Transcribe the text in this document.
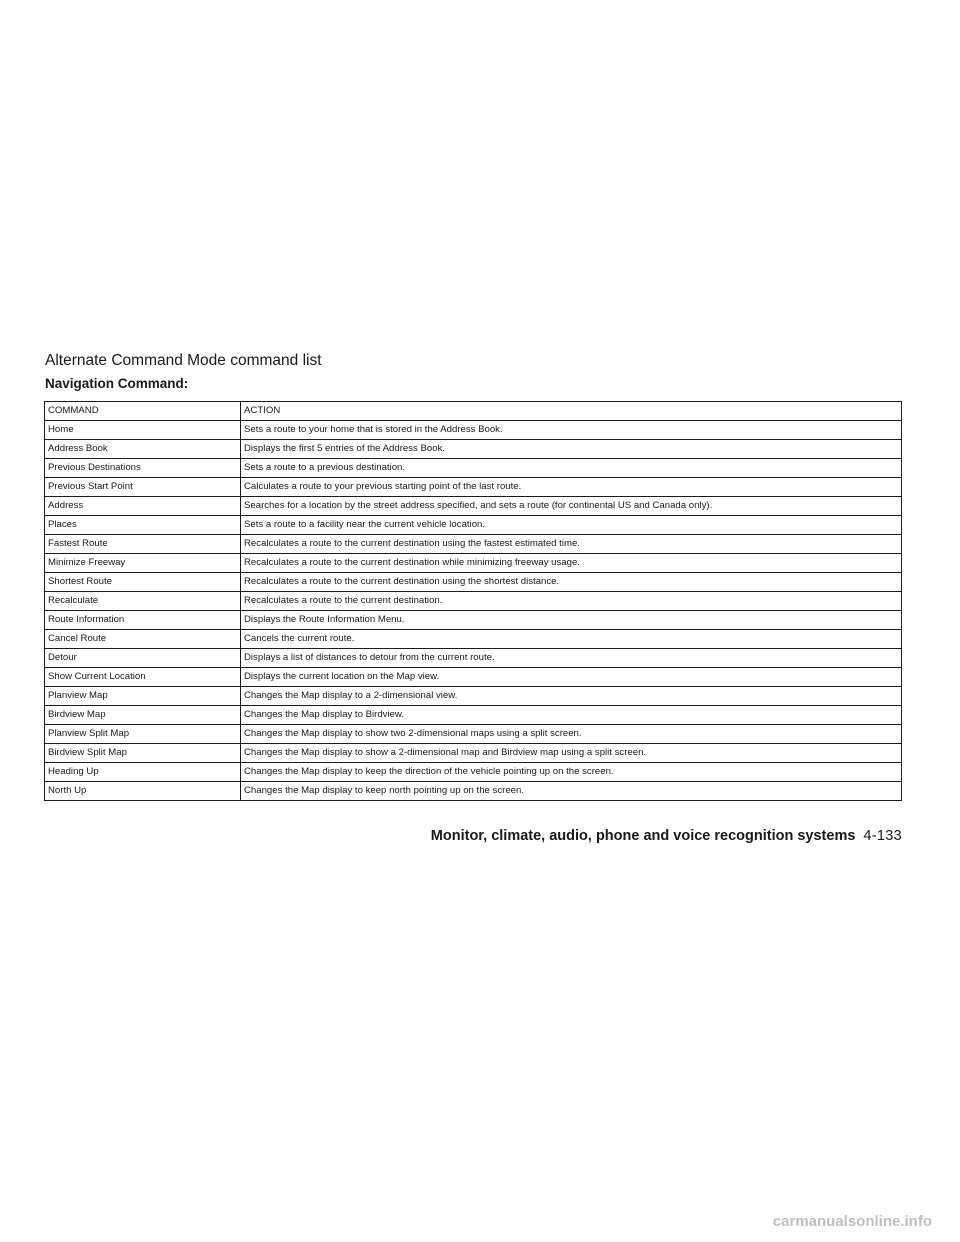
Alternate Command Mode command list
Navigation Command:
COMMAND	ACTION
Home	Sets a route to your home that is stored in the Address Book.
Address Book	Displays the first 5 entries of the Address Book.
Previous Destinations	Sets a route to a previous destination.
Previous Start Point	Calculates a route to your previous starting point of the last route.
Address	Searches for a location by the street address specified, and sets a route (for continental US and Canada only).
Places	Sets a route to a facility near the current vehicle location.
Fastest Route	Recalculates a route to the current destination using the fastest estimated time.
Minimize Freeway	Recalculates a route to the current destination while minimizing freeway usage.
Shortest Route	Recalculates a route to the current destination using the shortest distance.
Recalculate	Recalculates a route to the current destination.
Route Information	Displays the Route Information Menu.
Cancel Route	Cancels the current route.
Detour	Displays a list of distances to detour from the current route.
Show Current Location	Displays the current location on the Map view.
Planview Map	Changes the Map display to a 2-dimensional view.
Birdview Map	Changes the Map display to Birdview.
Planview Split Map	Changes the Map display to show two 2-dimensional maps using a split screen.
Birdview Split Map	Changes the Map display to show a 2-dimensional map and Birdview map using a split screen.
Heading Up	Changes the Map display to keep the direction of the vehicle pointing up on the screen.
North Up	Changes the Map display to keep north pointing up on the screen.
Monitor, climate, audio, phone and voice recognition systems 4-133
carmanualsonline.info
